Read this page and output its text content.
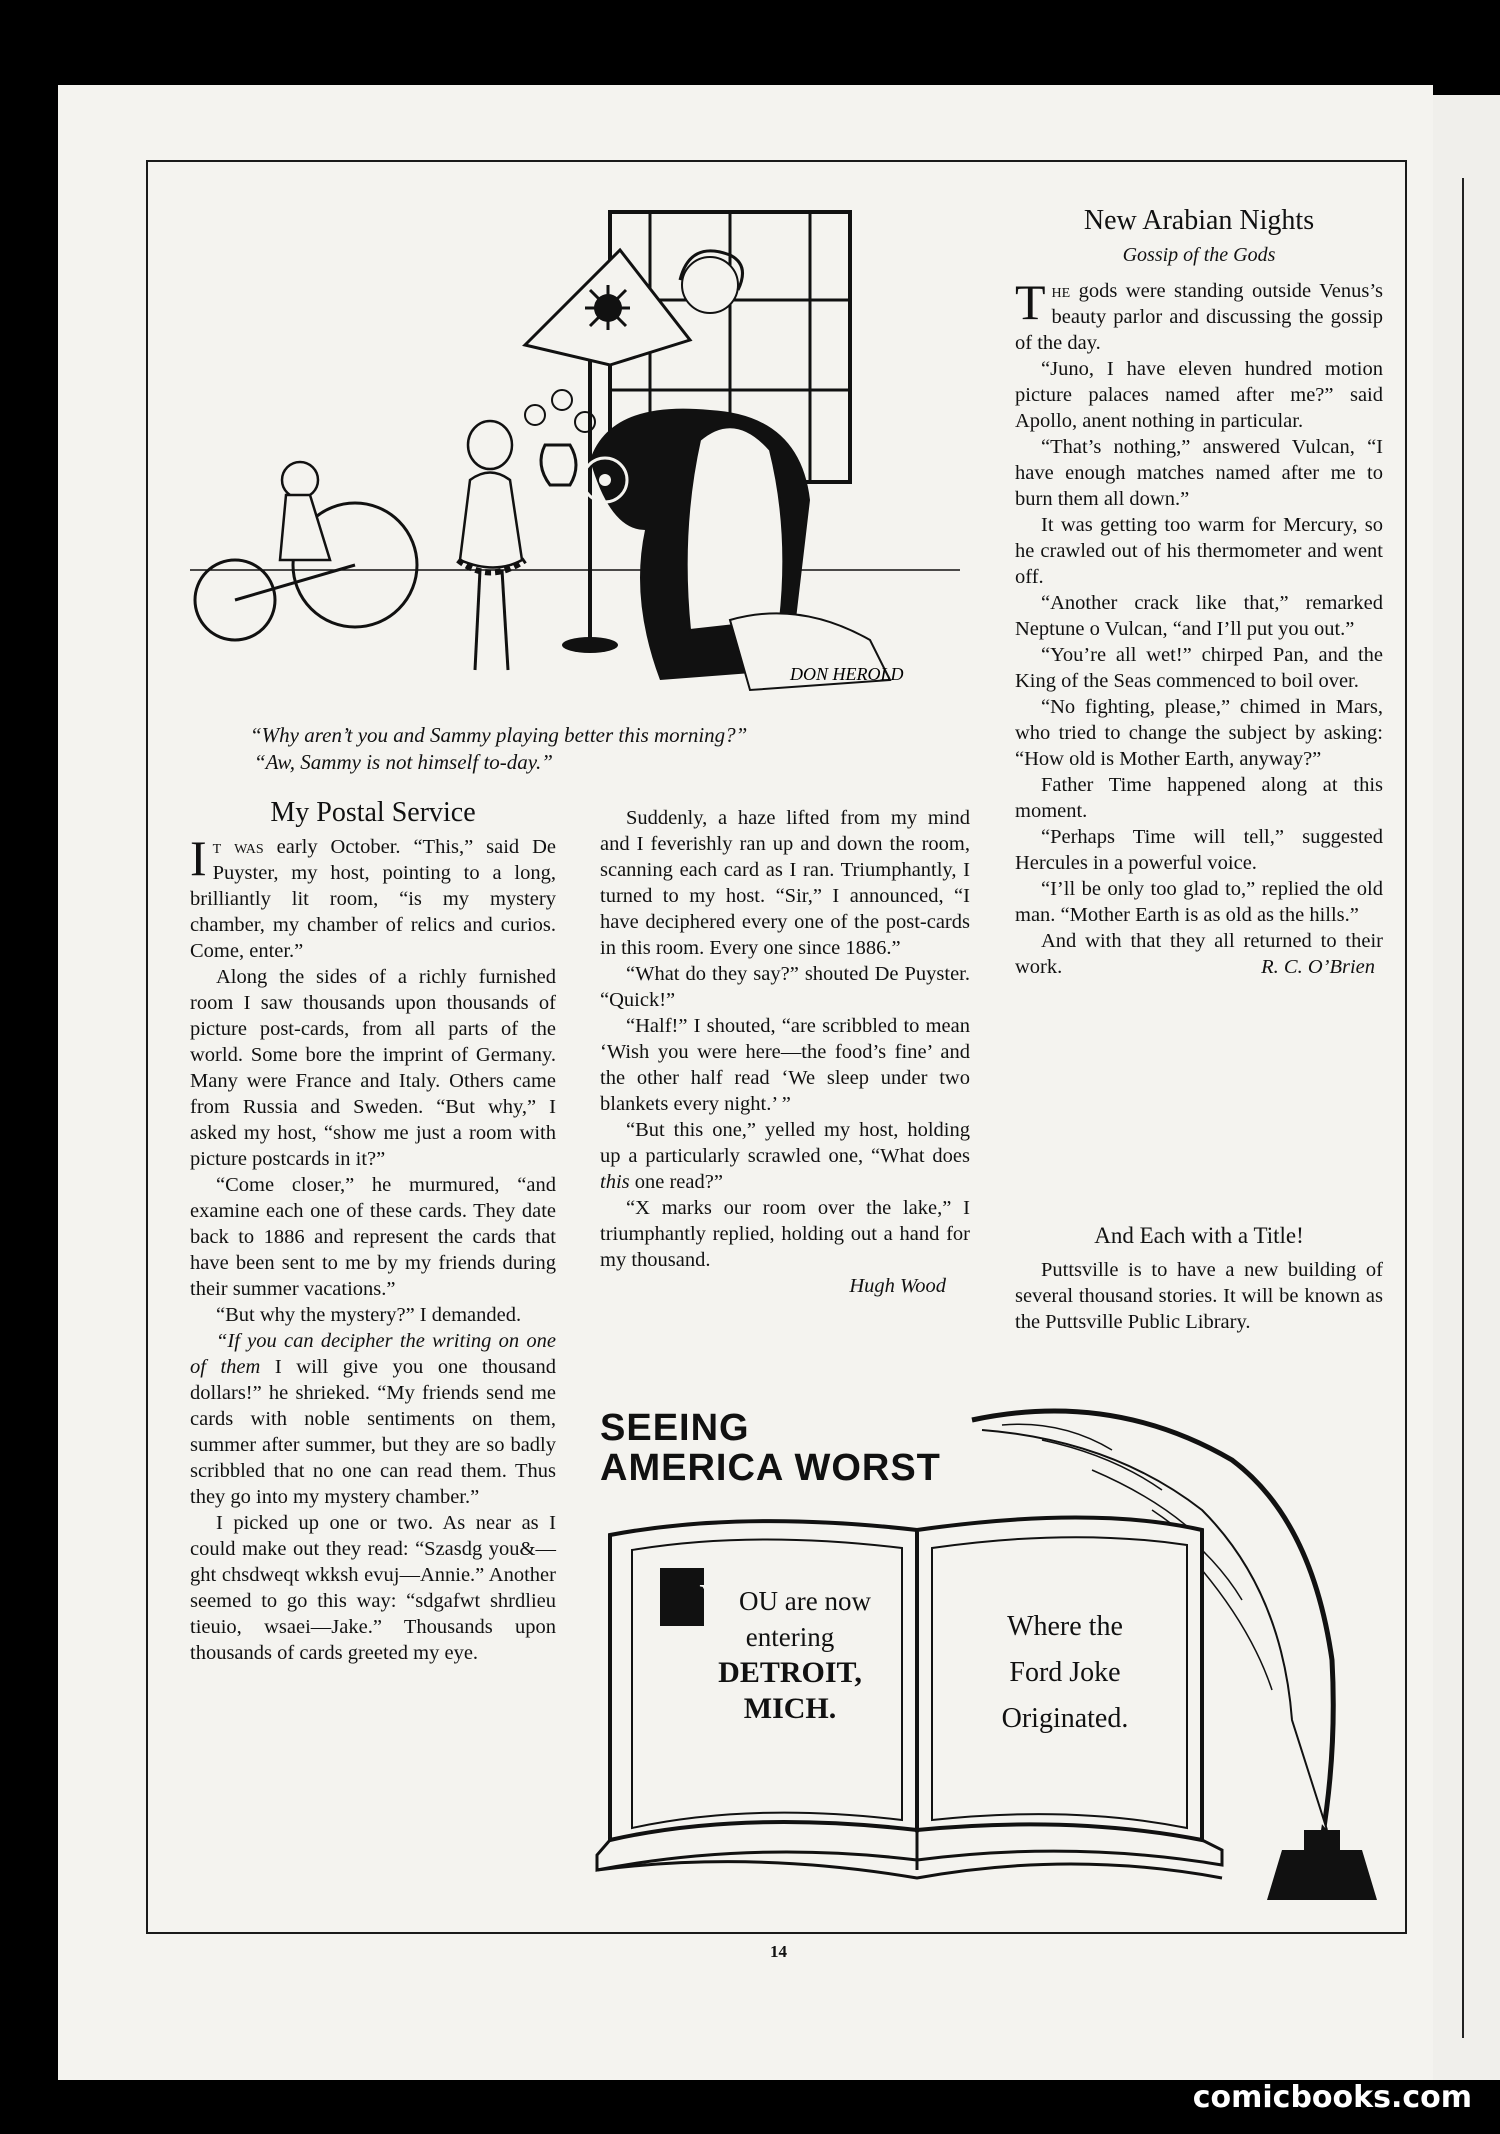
DON HEROLD
“Why aren’t you and Sammy playing better this morning?”
“Aw, Sammy is not himself to-day.”
My Postal Service

It was early October. “This,” said De Puyster, my host, pointing to a long, brilliantly lit room, “is my mystery chamber, my chamber of relics and curios. Come, enter.”

Along the sides of a richly furnished room I saw thousands upon thousands of picture post-cards, from all parts of the world. Some bore the imprint of Germany. Many were France and Italy. Others came from Russia and Sweden. “But why,” I asked my host, “show me just a room with picture postcards in it?”

“Come closer,” he murmured, “and examine each one of these cards. They date back to 1886 and represent the cards that have been sent to me by my friends during their summer vacations.”

“But why the mystery?” I demanded.

“If you can decipher the writing on one of them I will give you one thousand dollars!” he shrieked. “My friends send me cards with noble sentiments on them, summer after summer, but they are so badly scribbled that no one can read them. Thus they go into my mystery chamber.”

I picked up one or two. As near as I could make out they read: “Szasdg you&—ght chsdweqt wkksh evuj—Annie.” Another seemed to go this way: “sdgafwt shrdlieu tieuio, wsaei—Jake.” Thousands upon thousands of cards greeted my eye.

Suddenly, a haze lifted from my mind and I feverishly ran up and down the room, scanning each card as I ran. Triumphantly, I turned to my host. “Sir,” I announced, “I have deciphered every one of the post-cards in this room. Every one since 1886.”

“What do they say?” shouted De Puyster. “Quick!”

“Half!” I shouted, “are scribbled to mean ‘Wish you were here—the food’s fine’ and the other half read ‘We sleep under two blankets every night.’ ”

“But this one,” yelled my host, holding up a particularly scrawled one, “What does this one read?”

“X marks our room over the lake,” I triumphantly replied, holding out a hand for my thousand.

Hugh Wood
New Arabian Nights
Gossip of the Gods

The gods were standing outside Venus’s beauty parlor and discussing the gossip of the day.

“Juno, I have eleven hundred motion picture palaces named after me?” said Apollo, anent nothing in particular.

“That’s nothing,” answered Vulcan, “I have enough matches named after me to burn them all down.”

It was getting too warm for Mercury, so he crawled out of his thermometer and went off.

“Another crack like that,” remarked Neptune o Vulcan, “and I’ll put you out.”

“You’re all wet!” chirped Pan, and the King of the Seas commenced to boil over.

“No fighting, please,” chimed in Mars, who tried to change the subject by asking: “How old is Mother Earth, anyway?”

Father Time happened along at this moment.

“Perhaps Time will tell,” suggested Hercules in a powerful voice.

“I’ll be only too glad to,” replied the old man. “Mother Earth is as old as the hills.”

And with that they all returned to their work.	R. C. O’Brien

And Each with a Title!

Puttsville is to have a new building of several thousand stories. It will be known as the Puttsville Public Library.

SEEING
AMERICA WORST
Y OU are now
entering
DETROIT,
MICH.
Where the
Ford Joke
Originated.
14
comicbooks.com
